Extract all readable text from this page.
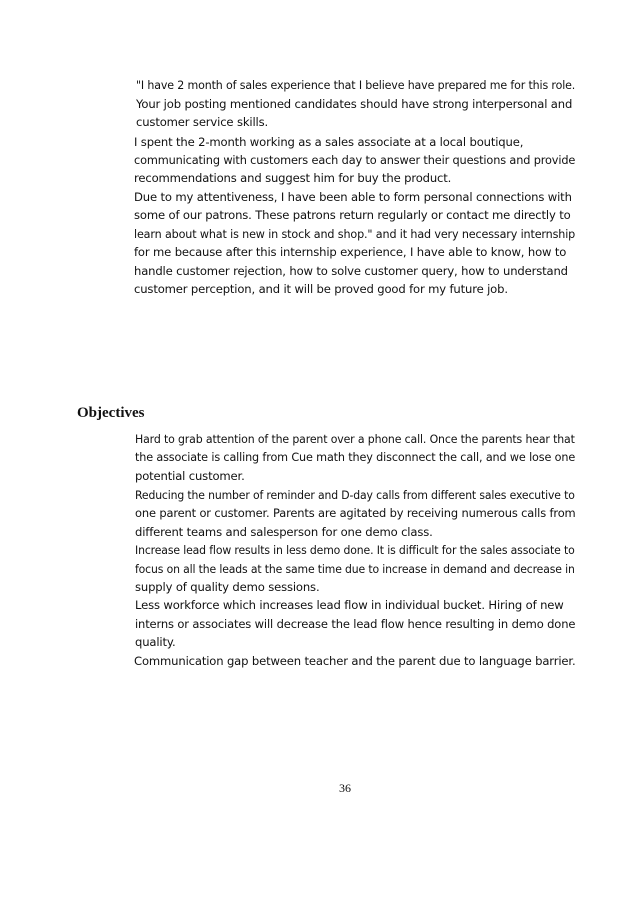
"I have 2 month of sales experience that I believe have prepared me for this role.
Your job posting mentioned candidates should have strong interpersonal and
customer service skills.
I spent the 2-month working as a sales associate at a local boutique,
communicating with customers each day to answer their questions and provide
recommendations and suggest him for buy the product.
Due to my attentiveness, I have been able to form personal connections with
some of our patrons. These patrons return regularly or contact me directly to
learn about what is new in stock and shop." and it had very necessary internship
for me because after this internship experience, I have able to know, how to
handle customer rejection, how to solve customer query, how to understand
customer perception, and it will be proved good for my future job.
Objectives
Hard to grab attention of the parent over a phone call. Once the parents hear that
the associate is calling from Cue math they disconnect the call, and we lose one
potential customer.
Reducing the number of reminder and D-day calls from different sales executive to
one parent or customer. Parents are agitated by receiving numerous calls from
different teams and salesperson for one demo class.
Increase lead flow results in less demo done. It is difficult for the sales associate to
focus on all the leads at the same time due to increase in demand and decrease in
supply of quality demo sessions.
Less workforce which increases lead flow in individual bucket. Hiring of new
interns or associates will decrease the lead flow hence resulting in demo done
quality.
Communication gap between teacher and the parent due to language barrier.
36
